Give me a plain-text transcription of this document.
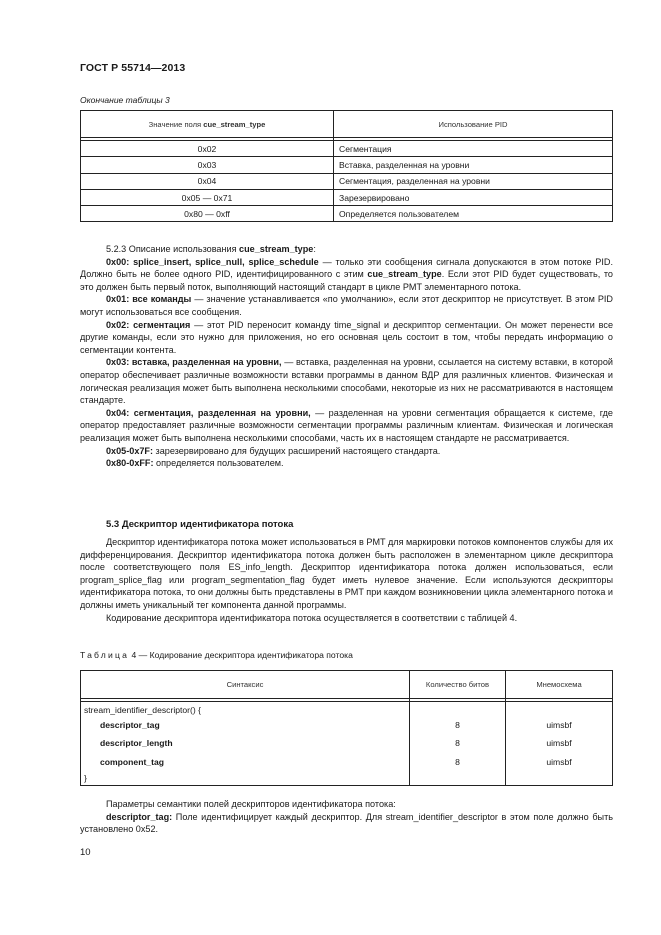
ГОСТ Р 55714—2013
Окончание таблицы 3
Значение поля cue_stream_type	Использование PID

0x02	Сегментация
0x03	Вставка, разделенная на уровни
0x04	Сегментация, разделенная на уровни
0x05 — 0x71	Зарезервировано
0x80 — 0xff	Определяется пользователем

5.2.3 Описание использования cue_stream_type:

0x00: splice_insert, splice_null, splice_schedule — только эти сообщения сигнала допускаются в этом потоке PID. Должно быть не более одного PID, идентифицированного с этим cue_stream_type. Если этот PID будет существовать, то это должен быть первый поток, выполняющий настоящий стандарт в цикле PMT элементарного потока.

0x01: все команды — значение устанавливается «по умолчанию», если этот дескриптор не присутствует. В этом PID могут использоваться все сообщения.

0x02: сегментация — этот PID переносит команду time_signal и дескриптор сегментации. Он может перенести все другие команды, если это нужно для приложения, но его основная цель состоит в том, чтобы передать информацию о сегментации контента.

0x03: вставка, разделенная на уровни, — вставка, разделенная на уровни, ссылается на систему вставки, в которой оператор обеспечивает различные возможности вставки программы в данном ВДР для различных клиентов. Физическая и логическая реализация может быть выполнена несколькими способами, некоторые из них не рассматриваются в настоящем стандарте.

0x04: сегментация, разделенная на уровни, — разделенная на уровни сегментация обращается к системе, где оператор предоставляет различные возможности сегментации программы различным клиентам. Физическая и логическая реализация может быть выполнена несколькими способами, часть их в настоящем стандарте не рассматривается.

0x05-0x7F: зарезервировано для будущих расширений настоящего стандарта.

0x80-0xFF: определяется пользователем.

5.3 Дескриптор идентификатора потока

Дескриптор идентификатора потока может использоваться в PMT для маркировки потоков компонентов службы для их дифференцирования. Дескриптор идентификатора потока должен быть расположен в элементарном цикле дескриптора после соответствующего поля ES_info_length. Дескриптор идентификатора потока должен использоваться, если program_splice_flag или program_segmentation_flag будет иметь нулевое значение. Если используются дескрипторы идентификатора потока, то они должны быть представлены в PMT при каждом возникновении цикла элементарного потока и должны иметь уникальный тег компонента данной программы.

Кодирование дескриптора идентификатора потока осуществляется в соответствии с таблицей 4.

Таблица 4 — Кодирование дескриптора идентификатора потока
Синтаксис	Количество битов	Мнемосхема

stream_identifier_descriptor() {		
descriptor_tag	8	uimsbf
descriptor_length	8	uimsbf
component_tag	8	uimsbf
}		

Параметры семантики полей дескрипторов идентификатора потока:

descriptor_tag: Поле идентифицирует каждый дескриптор. Для stream_identifier_descriptor в этом поле должно быть установлено 0x52.

10
